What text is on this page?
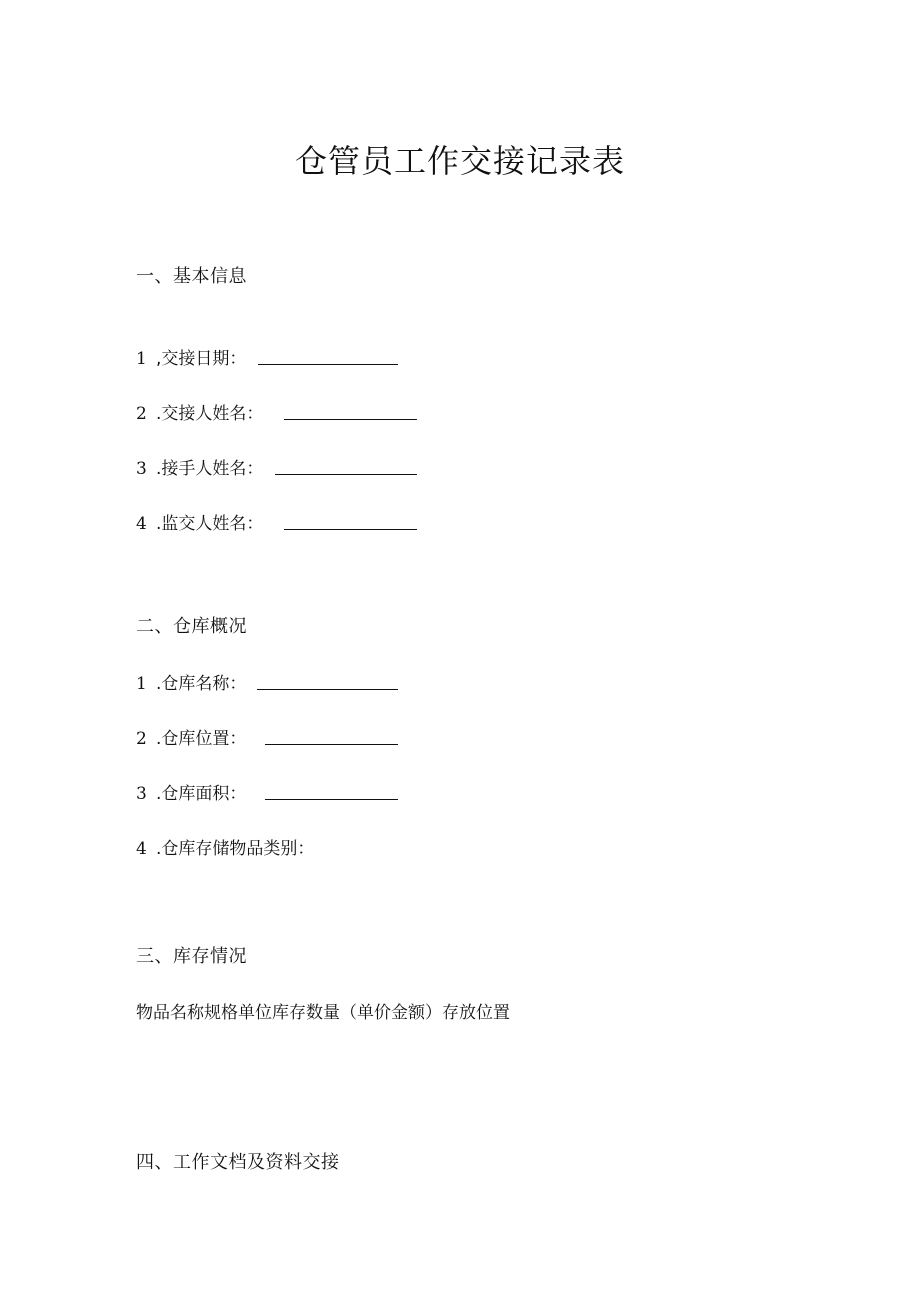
仓管员工作交接记录表
一、基本信息
1 ,交接日期：
2 .交接人姓名：
3 .接手人姓名：
4 .监交人姓名：
二、仓库概况
1 .仓库名称：
2 .仓库位置：
3 .仓库面积：
4 .仓库存储物品类别：
三、库存情况
物品名称规格单位库存数量（单价金额）存放位置
四、工作文档及资料交接
